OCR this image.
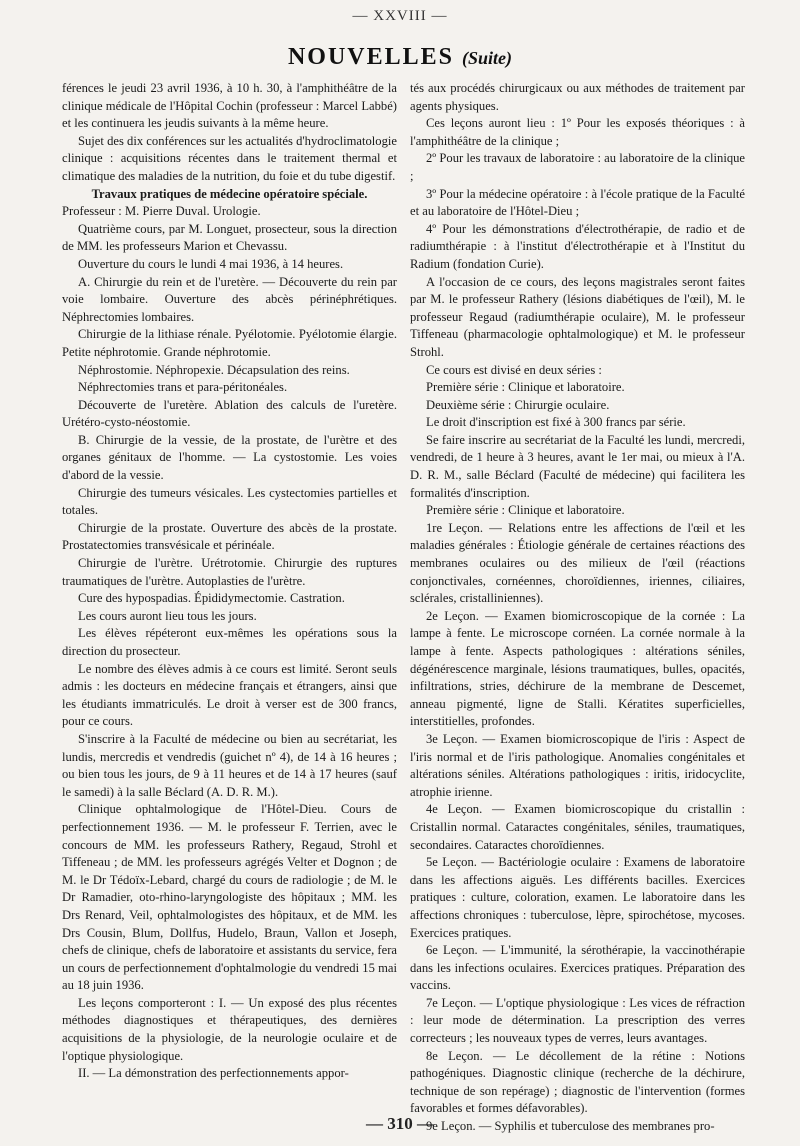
— XXVIII —
NOUVELLES (Suite)

férences le jeudi 23 avril 1936, à 10 h. 30, à l'amphithéâtre de la clinique médicale de l'Hôpital Cochin (professeur : Marcel Labbé) et les continuera les jeudis suivants à la même heure.

Sujet des dix conférences sur les actualités d'hydroclimatologie clinique : acquisitions récentes dans le traitement thermal et climatique des maladies de la nutrition, du foie et du tube digestif.

Travaux pratiques de médecine opératoire spéciale.

Professeur : M. Pierre Duval. Urologie.

Quatrième cours, par M. Longuet, prosecteur, sous la direction de MM. les professeurs Marion et Chevassu.

Ouverture du cours le lundi 4 mai 1936, à 14 heures.

A. Chirurgie du rein et de l'uretère. — Découverte du rein par voie lombaire. Ouverture des abcès périnéphrétiques. Néphrectomies lombaires.

Chirurgie de la lithiase rénale. Pyélotomie. Pyélotomie élargie. Petite néphrotomie. Grande néphrotomie.

Néphrostomie. Néphropexie. Décapsulation des reins.

Néphrectomies trans et para-péritonéales.

Découverte de l'uretère. Ablation des calculs de l'uretère. Urétéro-cysto-néostomie.

B. Chirurgie de la vessie, de la prostate, de l'urètre et des organes génitaux de l'homme. — La cystostomie. Les voies d'abord de la vessie.

Chirurgie des tumeurs vésicales. Les cystectomies partielles et totales.

Chirurgie de la prostate. Ouverture des abcès de la prostate. Prostatectomies transvésicale et périnéale.

Chirurgie de l'urètre. Urétrotomie. Chirurgie des ruptures traumatiques de l'urètre. Autoplasties de l'urètre.

Cure des hypospadias. Épididymectomie. Castration.

Les cours auront lieu tous les jours.

Les élèves répéteront eux-mêmes les opérations sous la direction du prosecteur.

Le nombre des élèves admis à ce cours est limité. Seront seuls admis : les docteurs en médecine français et étrangers, ainsi que les étudiants immatriculés. Le droit à verser est de 300 francs, pour ce cours.

S'inscrire à la Faculté de médecine ou bien au secrétariat, les lundis, mercredis et vendredis (guichet nº 4), de 14 à 16 heures ; ou bien tous les jours, de 9 à 11 heures et de 14 à 17 heures (sauf le samedi) à la salle Béclard (A. D. R. M.).

Clinique ophtalmologique de l'Hôtel-Dieu. Cours de perfectionnement 1936. — M. le professeur F. Terrien, avec le concours de MM. les professeurs Rathery, Regaud, Strohl et Tiffeneau ; de MM. les professeurs agrégés Velter et Dognon ; de M. le Dr Tédoïx-Lebard, chargé du cours de radiologie ; de M. le Dr Ramadier, oto-rhino-laryngologiste des hôpitaux ; MM. les Drs Renard, Veil, ophtalmologistes des hôpitaux, et de MM. les Drs Cousin, Blum, Dollfus, Hudelo, Braun, Vallon et Joseph, chefs de clinique, chefs de laboratoire et assistants du service, fera un cours de perfectionnement d'ophtalmologie du vendredi 15 mai au 18 juin 1936.

Les leçons comporteront : I. — Un exposé des plus récentes méthodes diagnostiques et thérapeutiques, des dernières acquisitions de la physiologie, de la neurologie oculaire et de l'optique physiologique.

II. — La démonstration des perfectionnements appor-

tés aux procédés chirurgicaux ou aux méthodes de traitement par agents physiques.

Ces leçons auront lieu : 1º Pour les exposés théoriques : à l'amphithéâtre de la clinique ;

2º Pour les travaux de laboratoire : au laboratoire de la clinique ;

3º Pour la médecine opératoire : à l'école pratique de la Faculté et au laboratoire de l'Hôtel-Dieu ;

4º Pour les démonstrations d'électrothérapie, de radio et de radiumthérapie : à l'institut d'électrothérapie et à l'Institut du Radium (fondation Curie).

A l'occasion de ce cours, des leçons magistrales seront faites par M. le professeur Rathery (lésions diabétiques de l'œil), M. le professeur Regaud (radiumthérapie oculaire), M. le professeur Tiffeneau (pharmacologie ophtalmologique) et M. le professeur Strohl.

Ce cours est divisé en deux séries :

Première série : Clinique et laboratoire.

Deuxième série : Chirurgie oculaire.

Le droit d'inscription est fixé à 300 francs par série.

Se faire inscrire au secrétariat de la Faculté les lundi, mercredi, vendredi, de 1 heure à 3 heures, avant le 1er mai, ou mieux à l'A. D. R. M., salle Béclard (Faculté de médecine) qui facilitera les formalités d'inscription.

Première série : Clinique et laboratoire.

1re Leçon. — Relations entre les affections de l'œil et les maladies générales : Étiologie générale de certaines réactions des membranes oculaires ou des milieux de l'œil (réactions conjonctivales, cornéennes, choroïdiennes, iriennes, ciliaires, sclérales, cristalliniennes).

2e Leçon. — Examen biomicroscopique de la cornée : La lampe à fente. Le microscope cornéen. La cornée normale à la lampe à fente. Aspects pathologiques : altérations séniles, dégénérescence marginale, lésions traumatiques, bulles, opacités, infiltrations, stries, déchirure de la membrane de Descemet, anneau pigmenté, ligne de Stalli. Kératites superficielles, interstitielles, profondes.

3e Leçon. — Examen biomicroscopique de l'iris : Aspect de l'iris normal et de l'iris pathologique. Anomalies congénitales et altérations séniles. Altérations pathologiques : iritis, iridocyclite, atrophie irienne.

4e Leçon. — Examen biomicroscopique du cristallin : Cristallin normal. Cataractes congénitales, séniles, traumatiques, secondaires. Cataractes choroïdiennes.

5e Leçon. — Bactériologie oculaire : Examens de laboratoire dans les affections aiguës. Les différents bacilles. Exercices pratiques : culture, coloration, examen. Le laboratoire dans les affections chroniques : tuberculose, lèpre, spirochétose, mycoses. Exercices pratiques.

6e Leçon. — L'immunité, la sérothérapie, la vaccinothérapie dans les infections oculaires. Exercices pratiques. Préparation des vaccins.

7e Leçon. — L'optique physiologique : Les vices de réfraction : leur mode de détermination. La prescription des verres correcteurs ; les nouveaux types de verres, leurs avantages.

8e Leçon. — Le décollement de la rétine : Notions pathogéniques. Diagnostic clinique (recherche de la déchirure, technique de son repérage) ; diagnostic de l'intervention (formes favorables et formes défavorables).

9e Leçon. — Syphilis et tuberculose des membranes pro-

— 310 —
